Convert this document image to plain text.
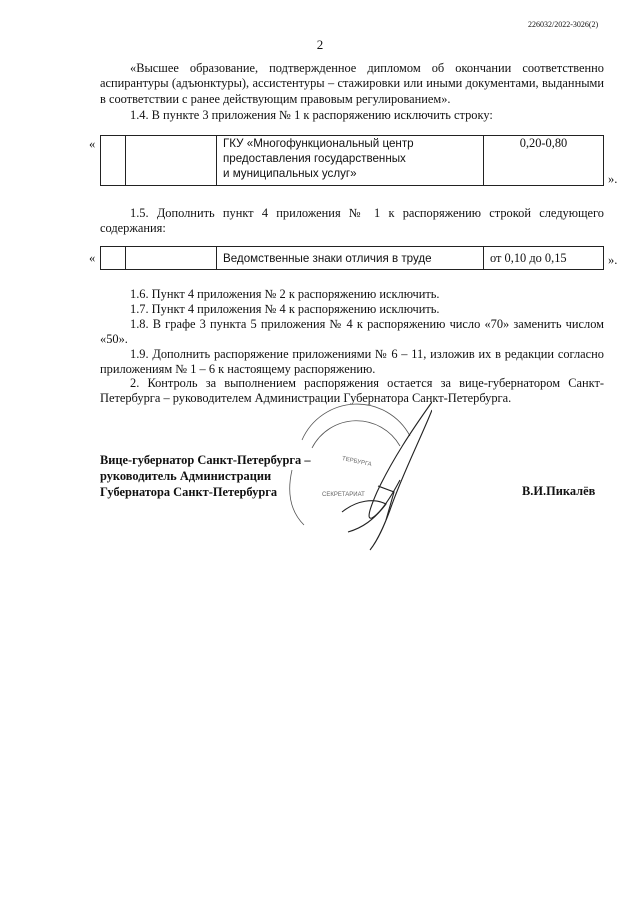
226032/2022-3026(2)
2
«Высшее образование, подтвержденное дипломом об окончании соответственно аспирантуры (адъюнктуры), ассистентуры – стажировки или иными документами, выданными в соответствии с ранее действующим правовым регулированием».
1.4. В пункте 3 приложения № 1 к распоряжению исключить строку:
«
			ГКУ «Многофункциональный центр
предоставления государственных
и муниципальных услуг»
	0,20-0,80
».
1.5. Дополнить пункт 4 приложения № 1 к распоряжению строкой следующего содержания:
«
			Ведомственные знаки отличия в труде	от 0,10 до 0,15	».
1.6. Пункт 4 приложения № 2 к распоряжению исключить.
1.7. Пункт 4 приложения № 4 к распоряжению исключить.
1.8. В графе 3 пункта 5 приложения № 4 к распоряжению число «70» заменить числом «50».
1.9. Дополнить распоряжение приложениями № 6 – 11, изложив их в редакции согласно приложениям № 1 – 6 к настоящему распоряжению.
2. Контроль за выполнением распоряжения остается за вице-губернатором Санкт-Петербурга – руководителем Администрации Губернатора Санкт-Петербурга.
ТЕРБУРГА
СЕКРЕТАРИАТ
Вице-губернатор Санкт-Петербурга –
руководитель Администрации
Губернатора Санкт-Петербурга	В.И.Пикалёв
